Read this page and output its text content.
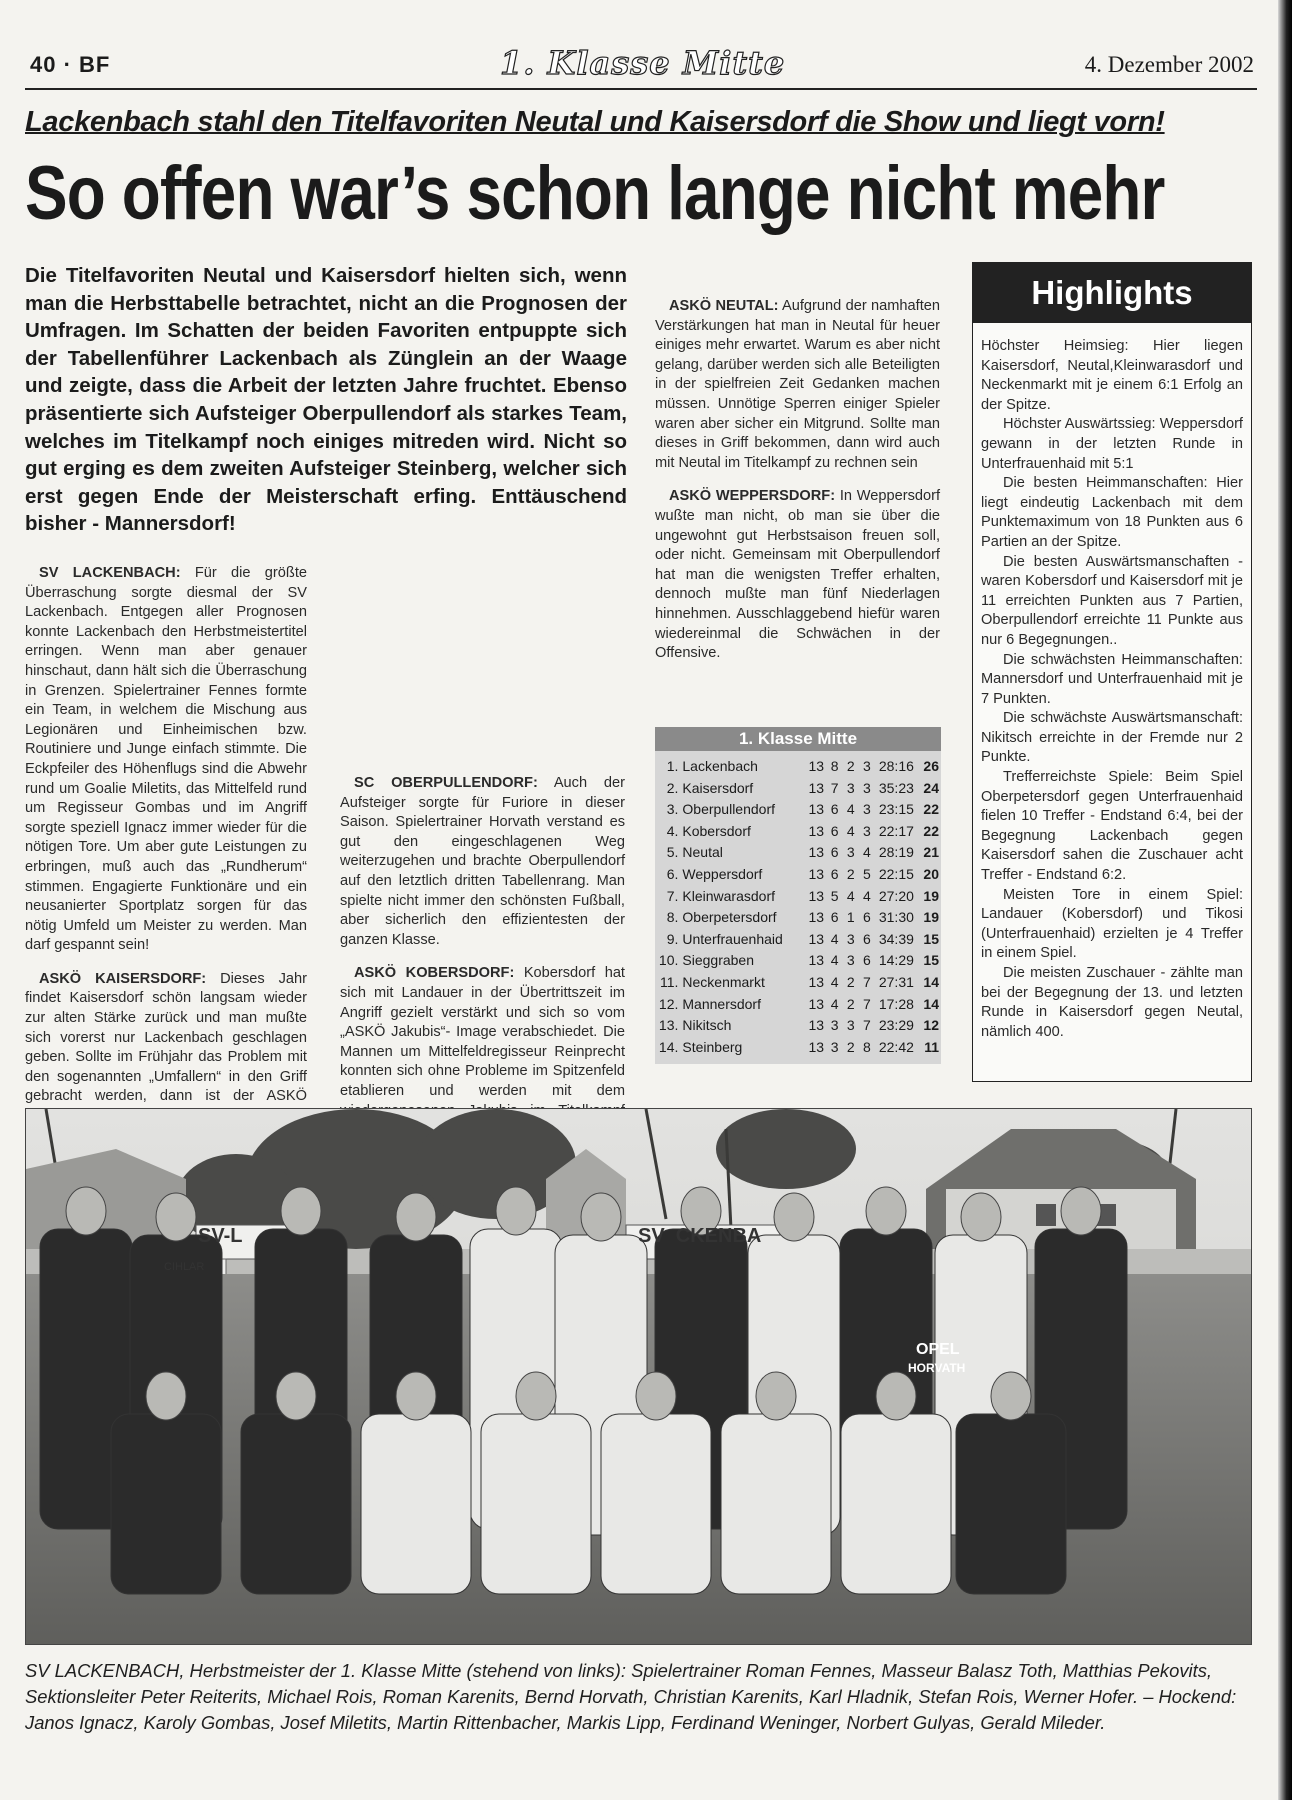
40 · BF	1. Klasse Mitte	4. Dezember 2002
Lackenbach stahl den Titelfavoriten Neutal und Kaisersdorf die Show und liegt vorn!
So offen war’s schon lange nicht mehr
Die Titelfavoriten Neutal und Kaisersdorf hielten sich, wenn man die Herbsttabelle betrachtet, nicht an die Prognosen der Umfragen. Im Schatten der beiden Favoriten entpuppte sich der Tabellenführer Lackenbach als Zünglein an der Waage und zeigte, dass die Arbeit der letzten Jahre fruchtet. Ebenso präsentierte sich Aufsteiger Oberpullendorf als starkes Team, welches im Titelkampf noch einiges mitreden wird. Nicht so gut erging es dem zweiten Aufsteiger Steinberg, welcher sich erst gegen Ende der Meisterschaft erfing. Enttäuschend bisher - Mannersdorf!

SV LACKENBACH: Für die größte Überraschung sorgte diesmal der SV Lackenbach. Entgegen aller Prognosen konnte Lackenbach den Herbstmeistertitel erringen. Wenn man aber genauer hinschaut, dann hält sich die Überraschung in Grenzen. Spielertrainer Fennes formte ein Team, in welchem die Mischung aus Legionären und Einheimischen bzw. Routiniere und Junge einfach stimmte. Die Eckpfeiler des Höhenflugs sind die Abwehr rund um Goalie Miletits, das Mittelfeld rund um Regisseur Gombas und im Angriff sorgte speziell Ignacz immer wieder für die nötigen Tore. Um aber gute Leistungen zu erbringen, muß auch das „Rundherum“ stimmen. Engagierte Funktionäre und ein neusanierter Sportplatz sorgen für das nötig Umfeld um Meister zu werden. Man darf gespannt sein!

ASKÖ KAISERSDORF: Dieses Jahr findet Kaisersdorf schön langsam wieder zur alten Stärke zurück und man mußte sich vorerst nur Lackenbach geschlagen geben. Sollte im Frühjahr das Problem mit den sogenannten „Umfallern“ in den Griff gebracht werden, dann ist der ASKÖ

SC OBERPULLENDORF: Auch der Aufsteiger sorgte für Furiore in dieser Saison. Spielertrainer Horvath verstand es gut den eingeschlagenen Weg weiterzugehen und brachte Oberpullendorf auf den letztlich dritten Tabellenrang. Man spielte nicht immer den schönsten Fußball, aber sicherlich den effizientesten der ganzen Klasse.

ASKÖ KOBERSDORF: Kobersdorf hat sich mit Landauer in der Übertrittszeit im Angriff gezielt verstärkt und sich so vom „ASKÖ Jakubis“- Image verabschiedet. Die Mannen um Mittelfeldregisseur Reinprecht konnten sich ohne Probleme im Spitzenfeld etablieren und werden mit dem

ASKÖ NEUTAL: Aufgrund der namhaften Verstärkungen hat man in Neutal für heuer einiges mehr erwartet. Warum es aber nicht gelang, darüber werden sich alle Beteiligten in der spielfreien Zeit Gedanken machen müssen. Unnötige Sperren einiger Spieler waren aber sicher ein Mitgrund. Sollte man dieses in Griff bekommen, dann wird auch mit Neutal im Titelkampf zu rechnen sein

ASKÖ WEPPERSDORF: In Weppersdorf wußte man nicht, ob man sie über die ungewohnt gut Herbstsaison freuen soll, oder nicht. Gemeinsam mit Oberpullendorf hat man die wenigsten Treffer erhalten, dennoch mußte man fünf Niederlagen hinnehmen. Ausschlaggebend hiefür waren wiedereinmal die Schwächen in der Offensive.

1. Klasse Mitte
1.	Lackenbach	13	8	2	3	28:16	26
2.	Kaisersdorf	13	7	3	3	35:23	24
3.	Oberpullendorf	13	6	4	3	23:15	22
4.	Kobersdorf	13	6	4	3	22:17	22
5.	Neutal	13	6	3	4	28:19	21
6.	Weppersdorf	13	6	2	5	22:15	20
7.	Kleinwarasdorf	13	5	4	4	27:20	19
8.	Oberpetersdorf	13	6	1	6	31:30	19
9.	Unterfrauenhaid	13	4	3	6	34:39	15
10.	Sieggraben	13	4	3	6	14:29	15
11.	Neckenmarkt	13	4	2	7	27:31	14
12.	Mannersdorf	13	4	2	7	17:28	14
13.	Nikitsch	13	3	3	7	23:29	12
14.	Steinberg	13	3	2	8	22:42	11
Highlights

Höchster Heimsieg: Hier liegen Kaisersdorf, Neutal,Kleinwarasdorf und Neckenmarkt mit je einem 6:1 Erfolg an der Spitze.

Höchster Auswärtssieg: Weppersdorf gewann in der letzten Runde in Unterfrauenhaid mit 5:1

Die besten Heimmanschaften: Hier liegt eindeutig Lackenbach mit dem Punktemaximum von 18 Punkten aus 6 Partien an der Spitze.

Die besten Auswärtsmanschaften - waren Kobersdorf und Kaisersdorf mit je 11 erreichten Punkten aus 7 Partien, Oberpullendorf erreichte 11 Punkte aus nur 6 Begegnungen..

Die schwächsten Heimmanschaften: Mannersdorf und Unterfrauenhaid mit je 7 Punkten.

Die schwächste Auswärtsmanschaft: Nikitsch erreichte in der Fremde nur 2 Punkte.

Trefferreichste Spiele: Beim Spiel Oberpetersdorf gegen Unterfrauenhaid fielen 10 Treffer - Endstand 6:4, bei der Begegnung Lackenbach gegen Kaisersdorf sahen die Zuschauer acht Treffer - Endstand 6:2.

Meisten Tore in einem Spiel: Landauer (Kobersdorf) und Tikosi (Unterfrauenhaid) erzielten je 4 Treffer in einem Spiel.

Die meisten Zuschauer - zählte man bei der Begegnung der 13. und letzten Runde in Kaisersdorf gegen Neutal, nämlich 400.

SV-L	SV  CKENBA
CIHLAR
OPEL
HORVATH
SV LACKENBACH, Herbstmeister der 1. Klasse Mitte (stehend von links): Spielertrainer Roman Fennes, Masseur Balasz Toth, Matthias Pekovits, Sektionsleiter Peter Reiterits, Michael Rois, Roman Karenits, Bernd Horvath, Christian Karenits, Karl Hladnik, Stefan Rois, Werner Hofer. – Hockend: Janos Ignacz, Karoly Gombas, Josef Miletits, Martin Rittenbacher, Markis Lipp, Ferdinand Weninger, Norbert Gulyas, Gerald Mileder.
